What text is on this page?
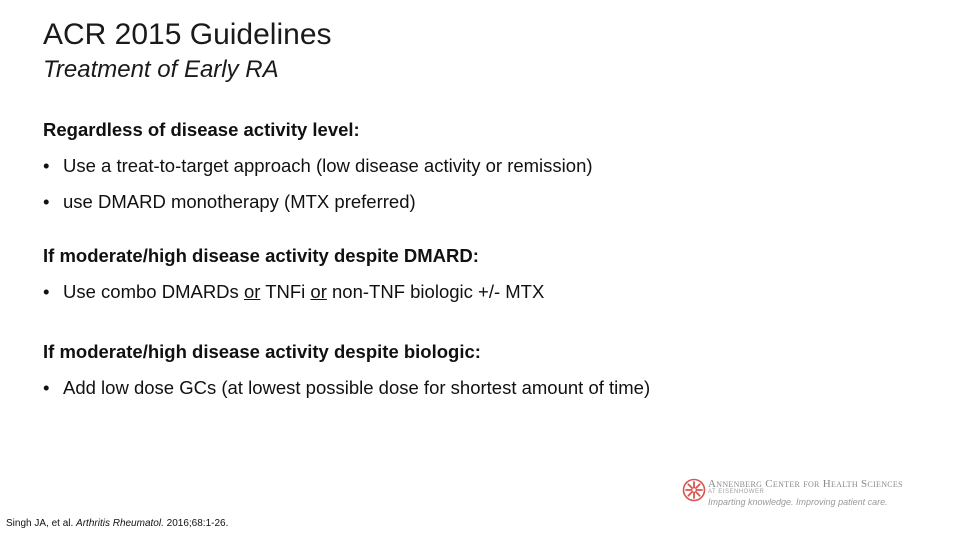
ACR 2015 Guidelines
Treatment of Early RA
Regardless of disease activity level:
• Use a treat-to-target approach (low disease activity or remission)
• use DMARD monotherapy (MTX preferred)
If moderate/high disease activity despite DMARD:
• Use combo DMARDs or TNFi or non-TNF biologic +/- MTX
If moderate/high disease activity despite biologic:
• Add low dose GCs (at lowest possible dose for shortest amount of time)
Annenberg Center for Health Sciences
AT EISENHOWER
Imparting knowledge. Improving patient care.
Singh JA, et al. Arthritis Rheumatol. 2016;68:1-26.
